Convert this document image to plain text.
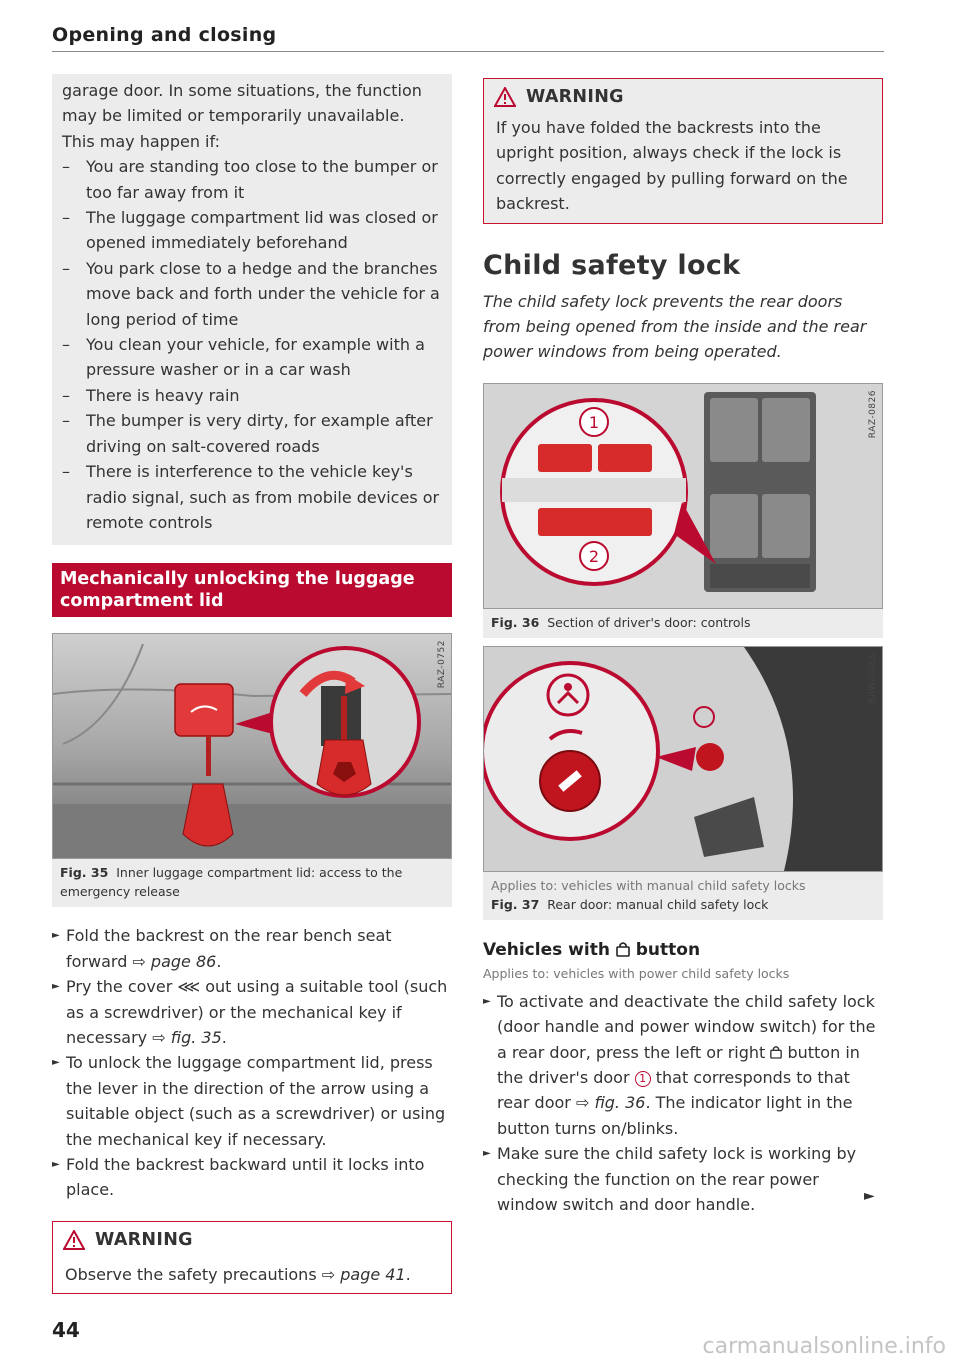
Opening and closing

garage door. In some situations, the function may be limited or temporarily unavailable. This may happen if:

– You are standing too close to the bumper or too far away from it
– The luggage compartment lid was closed or opened immediately beforehand
– You park close to a hedge and the branches move back and forth under the vehicle for a long period of time
– You clean your vehicle, for example with a pressure washer or in a car wash
– There is heavy rain
– The bumper is very dirty, for example after driving on salt-covered roads
– There is interference to the vehicle key's radio signal, such as from mobile devices or remote controls
Mechanically unlocking the luggage compartment lid
RAZ-0752
Fig. 35 Inner luggage compartment lid: access to the emergency release
► Fold the backrest on the rear bench seat forward ⇨ page 86.
► Pry the cover ⋘ out using a suitable tool (such as a screwdriver) or the mechanical key if necessary ⇨ fig. 35.
► To unlock the luggage compartment lid, press the lever in the direction of the arrow using a suitable object (such as a screwdriver) or using the mechanical key if necessary.
► Fold the backrest backward until it locks into place.
WARNING
Observe the safety precautions ⇨ page 41.
WARNING
If you have folded the backrests into the upright position, always check if the lock is correctly engaged by pulling forward on the backrest.
Child safety lock

The child safety lock prevents the rear doors from being opened from the inside and the rear power windows from being operated.

1
2
RAZ-0826
Fig. 36 Section of driver's door: controls
B8W-0085
Applies to: vehicles with manual child safety locks
Fig. 37 Rear door: manual child safety lock
Vehicles with  button
Applies to: vehicles with power child safety locks
► To activate and deactivate the child safety lock (door handle and power window switch) for the a rear door, press the left or right  button in the driver's door 1 that corresponds to that rear door ⇨ fig. 36. The indicator light in the button turns on/blinks.
► Make sure the child safety lock is working by checking the function on the rear power window switch and door handle.	►
44
carmanualsonline.info
